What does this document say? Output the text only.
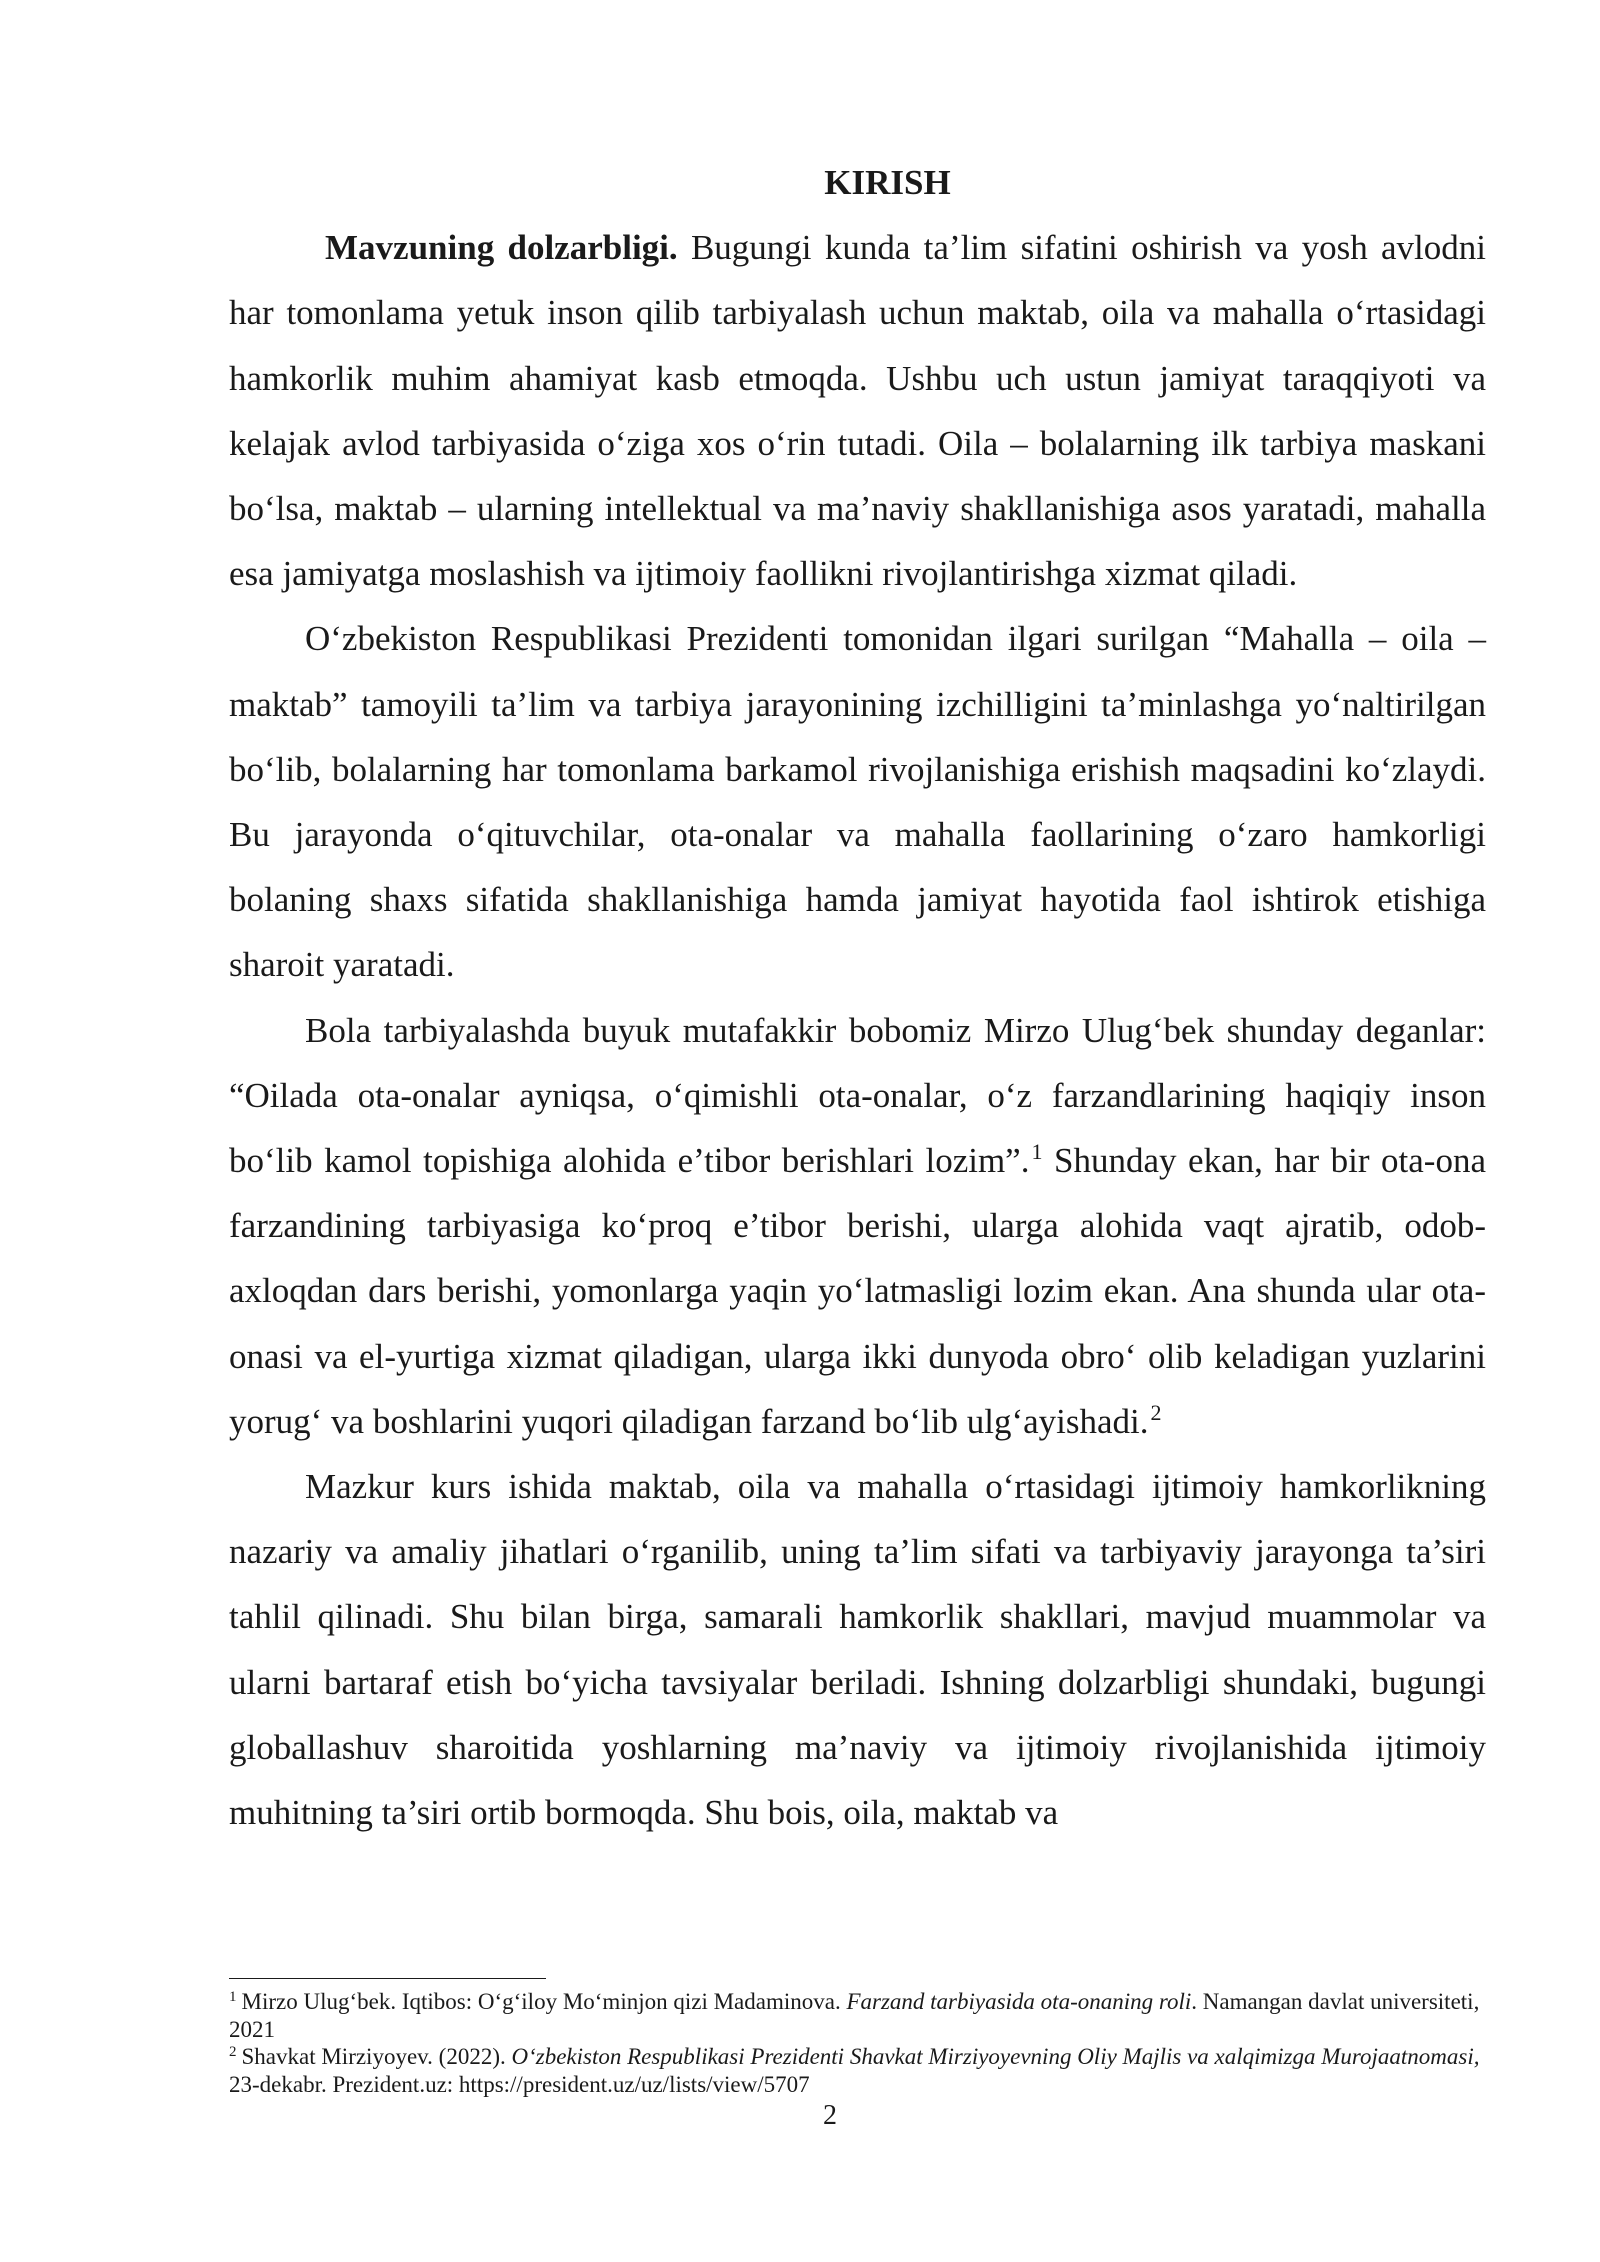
KIRISH

Mavzuning dolzarbligi. Bugungi kunda ta’lim sifatini oshirish va yosh avlodni har tomonlama yetuk inson qilib tarbiyalash uchun maktab, oila va mahalla o‘rtasidagi hamkorlik muhim ahamiyat kasb etmoqda. Ushbu uch ustun jamiyat taraqqiyoti va kelajak avlod tarbiyasida o‘ziga xos o‘rin tutadi. Oila – bolalarning ilk tarbiya maskani bo‘lsa, maktab – ularning intellektual va ma’naviy shakllanishiga asos yaratadi, mahalla esa jamiyatga moslashish va ijtimoiy faollikni rivojlantirishga xizmat qiladi.

O‘zbekiston Respublikasi Prezidenti tomonidan ilgari surilgan “Mahalla – oila – maktab” tamoyili ta’lim va tarbiya jarayonining izchilligini ta’minlashga yo‘naltirilgan bo‘lib, bolalarning har tomonlama barkamol rivojlanishiga erishish maqsadini ko‘zlaydi. Bu jarayonda o‘qituvchilar, ota-onalar va mahalla faollarining o‘zaro hamkorligi bolaning shaxs sifatida shakllanishiga hamda jamiyat hayotida faol ishtirok etishiga sharoit yaratadi.

Bola tarbiyalashda buyuk mutafakkir bobomiz Mirzo Ulug‘bek shunday deganlar: “Oilada ota-onalar ayniqsa, o‘qimishli ota-onalar, o‘z farzandlarining haqiqiy inson bo‘lib kamol topishiga alohida e’tibor berishlari lozim”.$^1$ Shunday ekan, har bir ota-ona farzandining tarbiyasiga ko‘proq e’tibor berishi, ularga alohida vaqt ajratib, odob-axloqdan dars berishi, yomonlarga yaqin yo‘latmasligi lozim ekan. Ana shunda ular ota-onasi va el-yurtiga xizmat qiladigan, ularga ikki dunyoda obro‘ olib keladigan yuzlarini yorug‘ va boshlarini yuqori qiladigan farzand bo‘lib ulg‘ayishadi.$^2$

Mazkur kurs ishida maktab, oila va mahalla o‘rtasidagi ijtimoiy hamkorlikning nazariy va amaliy jihatlari o‘rganilib, uning ta’lim sifati va tarbiyaviy jarayonga ta’siri tahlil qilinadi. Shu bilan birga, samarali hamkorlik shakllari, mavjud muammolar va ularni bartaraf etish bo‘yicha tavsiyalar beriladi. Ishning dolzarbligi shundaki, bugungi globallashuv sharoitida yoshlarning ma’naviy va ijtimoiy rivojlanishida ijtimoiy muhitning ta’siri ortib bormoqda. Shu bois, oila, maktab va

$^1$ Mirzo Ulug‘bek. Iqtibos: O‘g‘iloy Mo‘minjon qizi Madaminova. Farzand tarbiyasida ota-onaning roli. Namangan davlat universiteti, 2021

$^2$ Shavkat Mirziyoyev. (2022). O‘zbekiston Respublikasi Prezidenti Shavkat Mirziyoyevning Oliy Majlis va xalqimizga Murojaatnomasi, 23-dekabr. Prezident.uz: https://president.uz/uz/lists/view/5707

2
